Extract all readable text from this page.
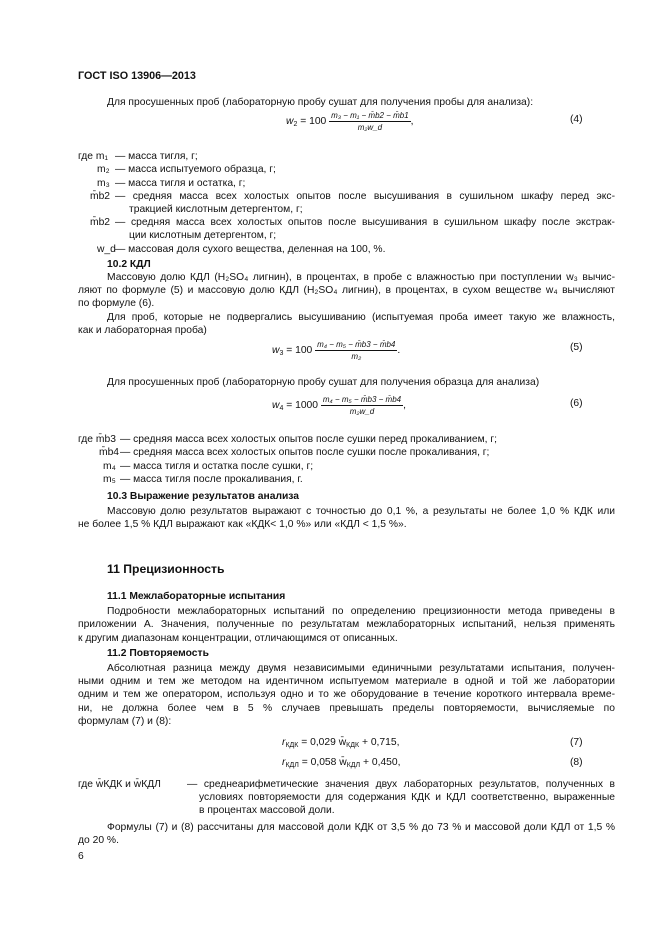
ГОСТ ISO 13906—2013
Для просушенных проб (лабораторную пробу сушат для получения пробы для анализа):
$w_2 = 100 \frac{\text{m₃ − m₁ − m̄b2 − m̄b1}}{\text{m₂w\_d}}$ ,	(4)
где m₁ — масса тигля, г;
m₂ — масса испытуемого образца, г;
m₃ — масса тигля и остатка, г;
m̄b2 — средняя масса всех холостых опытов после высушивания в сушильном шкафу перед экс-
тракцией кислотным детергентом, г;
m̄b2 — средняя масса всех холостых опытов после высушивания в сушильном шкафу после экстрак-
ции кислотным детергентом, г;
w_d — массовая доля сухого вещества, деленная на 100, %.
10.2 КДЛ
Массовую долю КДЛ (H₂SO₄ лигнин), в процентах, в пробе с влажностью при поступлении w₃ вычис-
ляют по формуле (5) и массовую долю КДЛ (H₂SO₄ лигнин), в процентах, в сухом веществе w₄ вычисляют
по формуле (6).
Для проб, которые не подвергались высушиванию (испытуемая проба имеет такую же влажность,
как и лабораторная проба)
$w_3 = 100 \frac{\text{m₄ − m₅ − m̄b3 − m̄b4}}{\text{m₂}}$ .	(5)
Для просушенных проб (лабораторную пробу сушат для получения образца для анализа)
$w_4 = 1000 \frac{\text{m₄ − m₅ − m̄b3 − m̄b4}}{\text{m₂w\_d}}$ ,	(6)
где m̄b3 — средняя масса всех холостых опытов после сушки перед прокаливанием, г;
m̄b4 — средняя масса всех холостых опытов после сушки после прокаливания, г;
m₄ — масса тигля и остатка после сушки, г;
m₅ — масса тигля после прокаливания, г.
10.3 Выражение результатов анализа
Массовую долю результатов выражают с точностью до 0,1 %, а результаты не более 1,0 % КДК или
не более 1,5 % КДЛ выражают как «КДК< 1,0 %» или «КДЛ < 1,5 %».
11 Прецизионность
11.1 Межлабораторные испытания
Подробности межлабораторных испытаний по определению прецизионности метода приведены в
приложении А. Значения, полученные по результатам межлабораторных испытаний, нельзя применять
к другим диапазонам концентрации, отличающимся от описанных.
11.2 Повторяемость
Абсолютная разница между двумя независимыми единичными результатами испытания, получен-
ными одним и тем же методом на идентичном испытуемом материале в одной и той же лаборатории
одним и тем же оператором, используя одно и то же оборудование в течение короткого интервала време-
ни, не должна более чем в 5 % случаев превышать пределы повторяемости, вычисляемые по
формулам (7) и (8):
$r_{КДК} = 0,029$ $w̄_{КДК} + 0,715$,	(7)
$r_{КДЛ} = 0,058$ $w̄_{КДЛ} + 0,450$,	(8)
где w̄КДК и w̄КДЛ	— среднеарифметические значения двух лабораторных результатов, полученных в
условиях повторяемости для содержания КДК и КДЛ соответственно, выраженные
в процентах массовой доли.
Формулы (7) и (8) рассчитаны для массовой доли КДК от 3,5 % до 73 % и массовой доли КДЛ от 1,5 %
до 20 %.
6
